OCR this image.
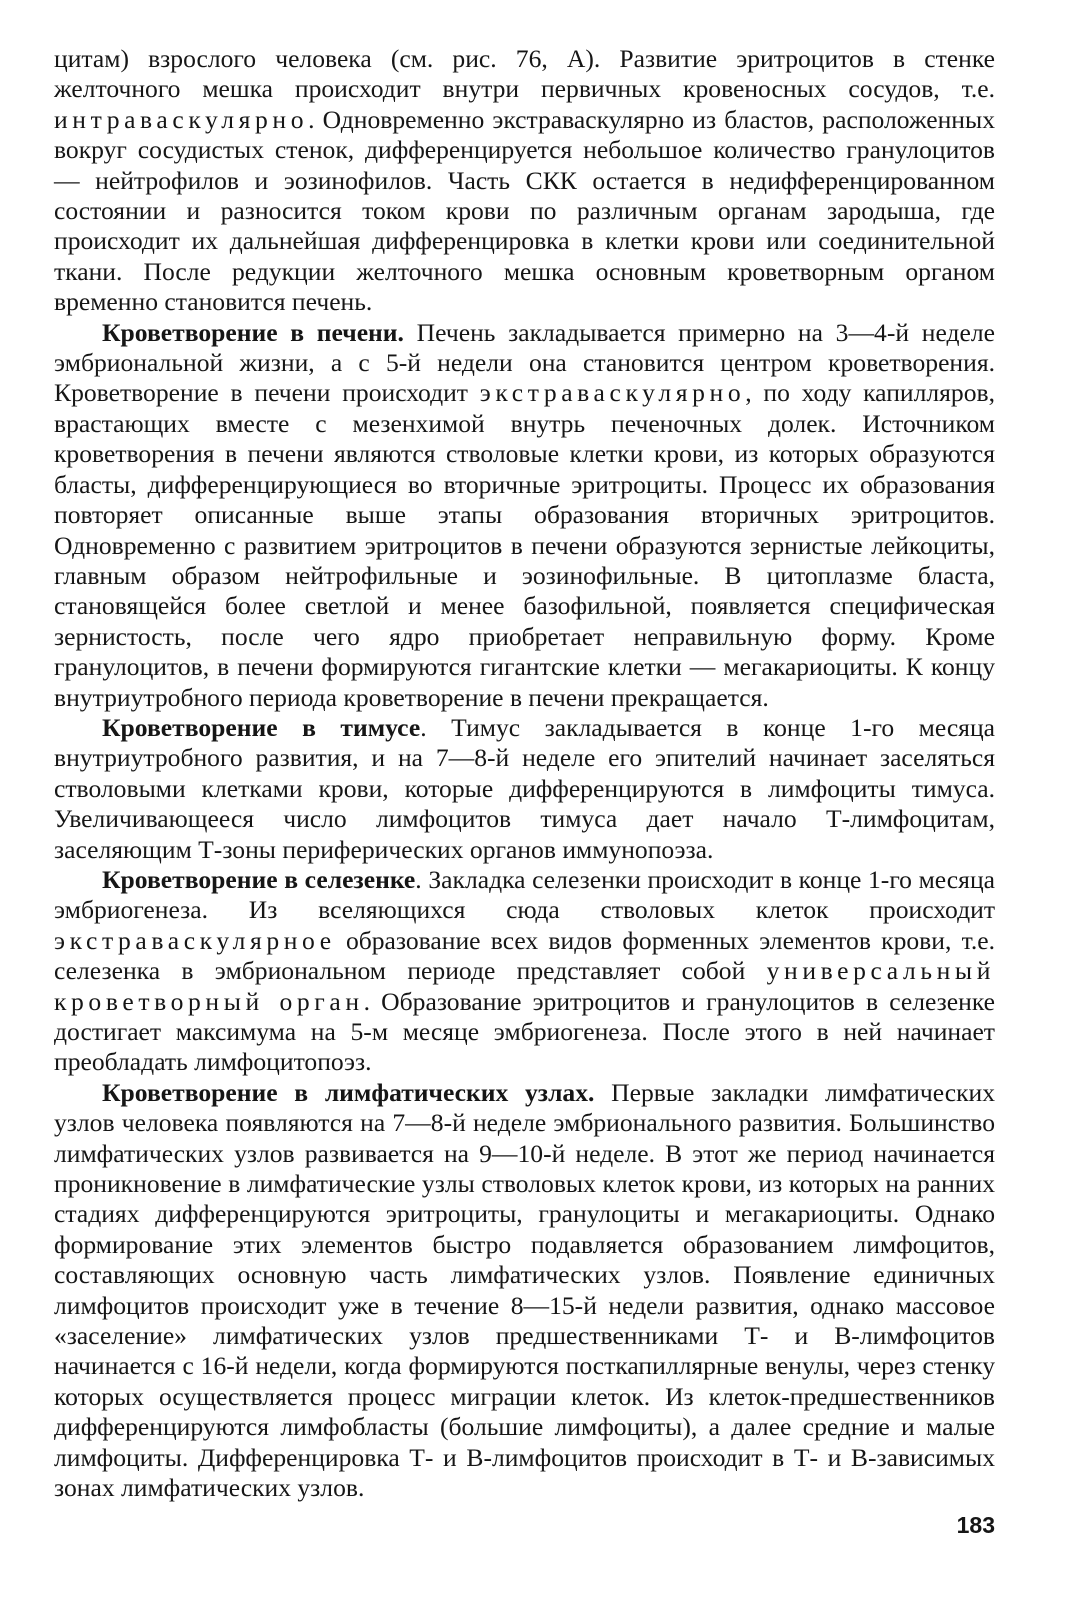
цитам) взрослого человека (см. рис. 76, А). Развитие эритроцитов в стенке желточного мешка происходит внутри первичных кровеносных сосудов, т.е. интраваскулярно. Одновременно экстраваскулярно из бластов, расположенных вокруг сосудистых стенок, дифференцируется небольшое количество гранулоцитов — нейтрофилов и эозинофилов. Часть СКК остается в недифференцированном состоянии и разносится током крови по различным органам зародыша, где происходит их дальнейшая дифференцировка в клетки крови или соединительной ткани. После редукции желточного мешка основным кроветворным органом временно становится печень.

Кроветворение в печени. Печень закладывается примерно на 3—4-й неделе эмбриональной жизни, а с 5-й недели она становится центром кроветворения. Кроветворение в печени происходит экстраваскулярно, по ходу капилляров, врастающих вместе с мезенхимой внутрь печеночных долек. Источником кроветворения в печени являются стволовые клетки крови, из которых образуются бласты, дифференцирующиеся во вторичные эритроциты. Процесс их образования повторяет описанные выше этапы образования вторичных эритроцитов. Одновременно с развитием эритроцитов в печени образуются зернистые лейкоциты, главным образом нейтрофильные и эозинофильные. В цитоплазме бласта, становящейся более светлой и менее базофильной, появляется специфическая зернистость, после чего ядро приобретает неправильную форму. Кроме гранулоцитов, в печени формируются гигантские клетки — мегакариоциты. К концу внутриутробного периода кроветворение в печени прекращается.

Кроветворение в тимусе. Тимус закладывается в конце 1-го месяца внутриутробного развития, и на 7—8-й неделе его эпителий начинает заселяться стволовыми клетками крови, которые дифференцируются в лимфоциты тимуса. Увеличивающееся число лимфоцитов тимуса дает начало Т-лимфоцитам, заселяющим Т-зоны периферических органов иммунопоэза.

Кроветворение в селезенке. Закладка селезенки происходит в конце 1-го месяца эмбриогенеза. Из вселяющихся сюда стволовых клеток происходит экстраваскулярное образование всех видов форменных элементов крови, т.е. селезенка в эмбриональном периоде представляет собой универсальный кроветворный орган. Образование эритроцитов и гранулоцитов в селезенке достигает максимума на 5-м месяце эмбриогенеза. После этого в ней начинает преобладать лимфоцитопоэз.

Кроветворение в лимфатических узлах. Первые закладки лимфатических узлов человека появляются на 7—8-й неделе эмбрионального развития. Большинство лимфатических узлов развивается на 9—10-й неделе. В этот же период начинается проникновение в лимфатические узлы стволовых клеток крови, из которых на ранних стадиях дифференцируются эритроциты, гранулоциты и мегакариоциты. Однако формирование этих элементов быстро подавляется образованием лимфоцитов, составляющих основную часть лимфатических узлов. Появление единичных лимфоцитов происходит уже в течение 8—15-й недели развития, однако массовое «заселение» лимфатических узлов предшественниками Т- и В-лимфоцитов начинается с 16-й недели, когда формируются посткапиллярные венулы, через стенку которых осуществляется процесс миграции клеток. Из клеток-предшественников дифференцируются лимфобласты (большие лимфоциты), а далее средние и малые лимфоциты. Дифференцировка Т- и В-лимфоцитов происходит в Т- и В-зависимых зонах лимфатических узлов.

183
